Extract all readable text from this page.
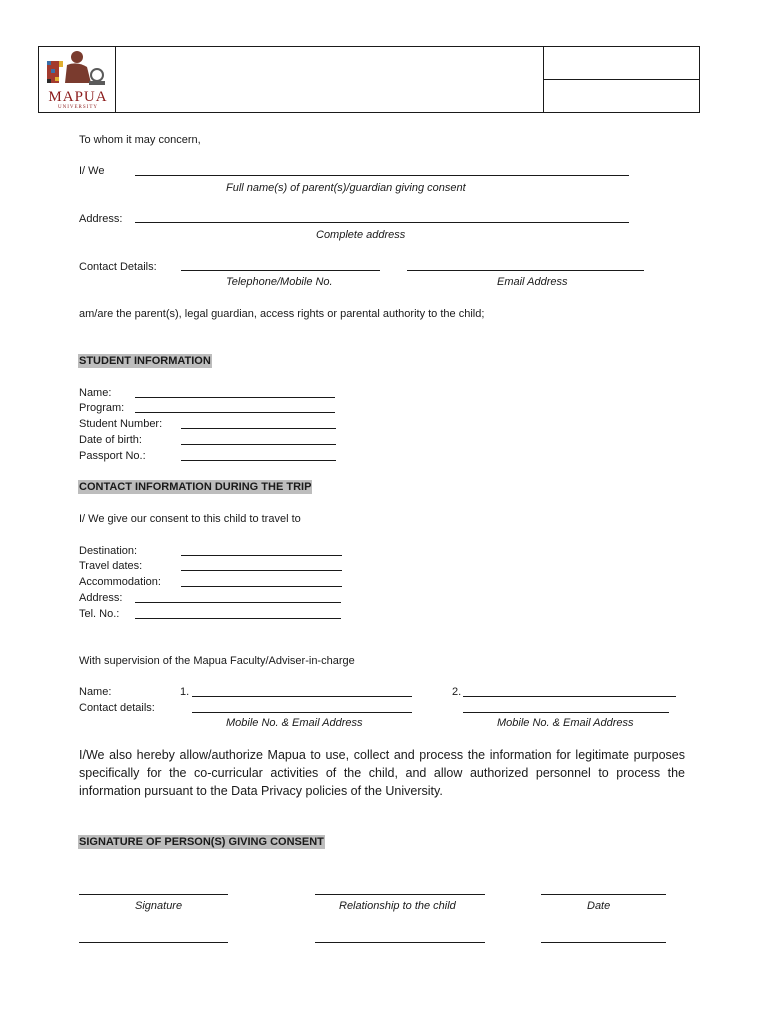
MAPUA
UNIVERSITY
To whom it may concern,
I/ We
Full name(s) of parent(s)/guardian giving consent
Address:
Complete address
Contact Details:
Telephone/Mobile No.	Email Address
am/are the parent(s), legal guardian, access rights or parental authority to the child;
STUDENT INFORMATION
Name:
Program:
Student Number:
Date of birth:
Passport No.:
CONTACT INFORMATION DURING THE TRIP
I/ We give our consent to this child to travel to
Destination:
Travel dates:
Accommodation:
Address:
Tel. No.:
With supervision of the Mapua Faculty/Adviser-in-charge
Name:	1.	2.
Contact details:
Mobile No. & Email Address	Mobile No. & Email Address
I/We also hereby allow/authorize Mapua to use, collect and process the information for legitimate purposes specifically for the co-curricular activities of the child, and allow authorized personnel to process the information pursuant to the Data Privacy policies of the University.
SIGNATURE OF PERSON(S) GIVING CONSENT
Signature	Relationship to the child	Date
